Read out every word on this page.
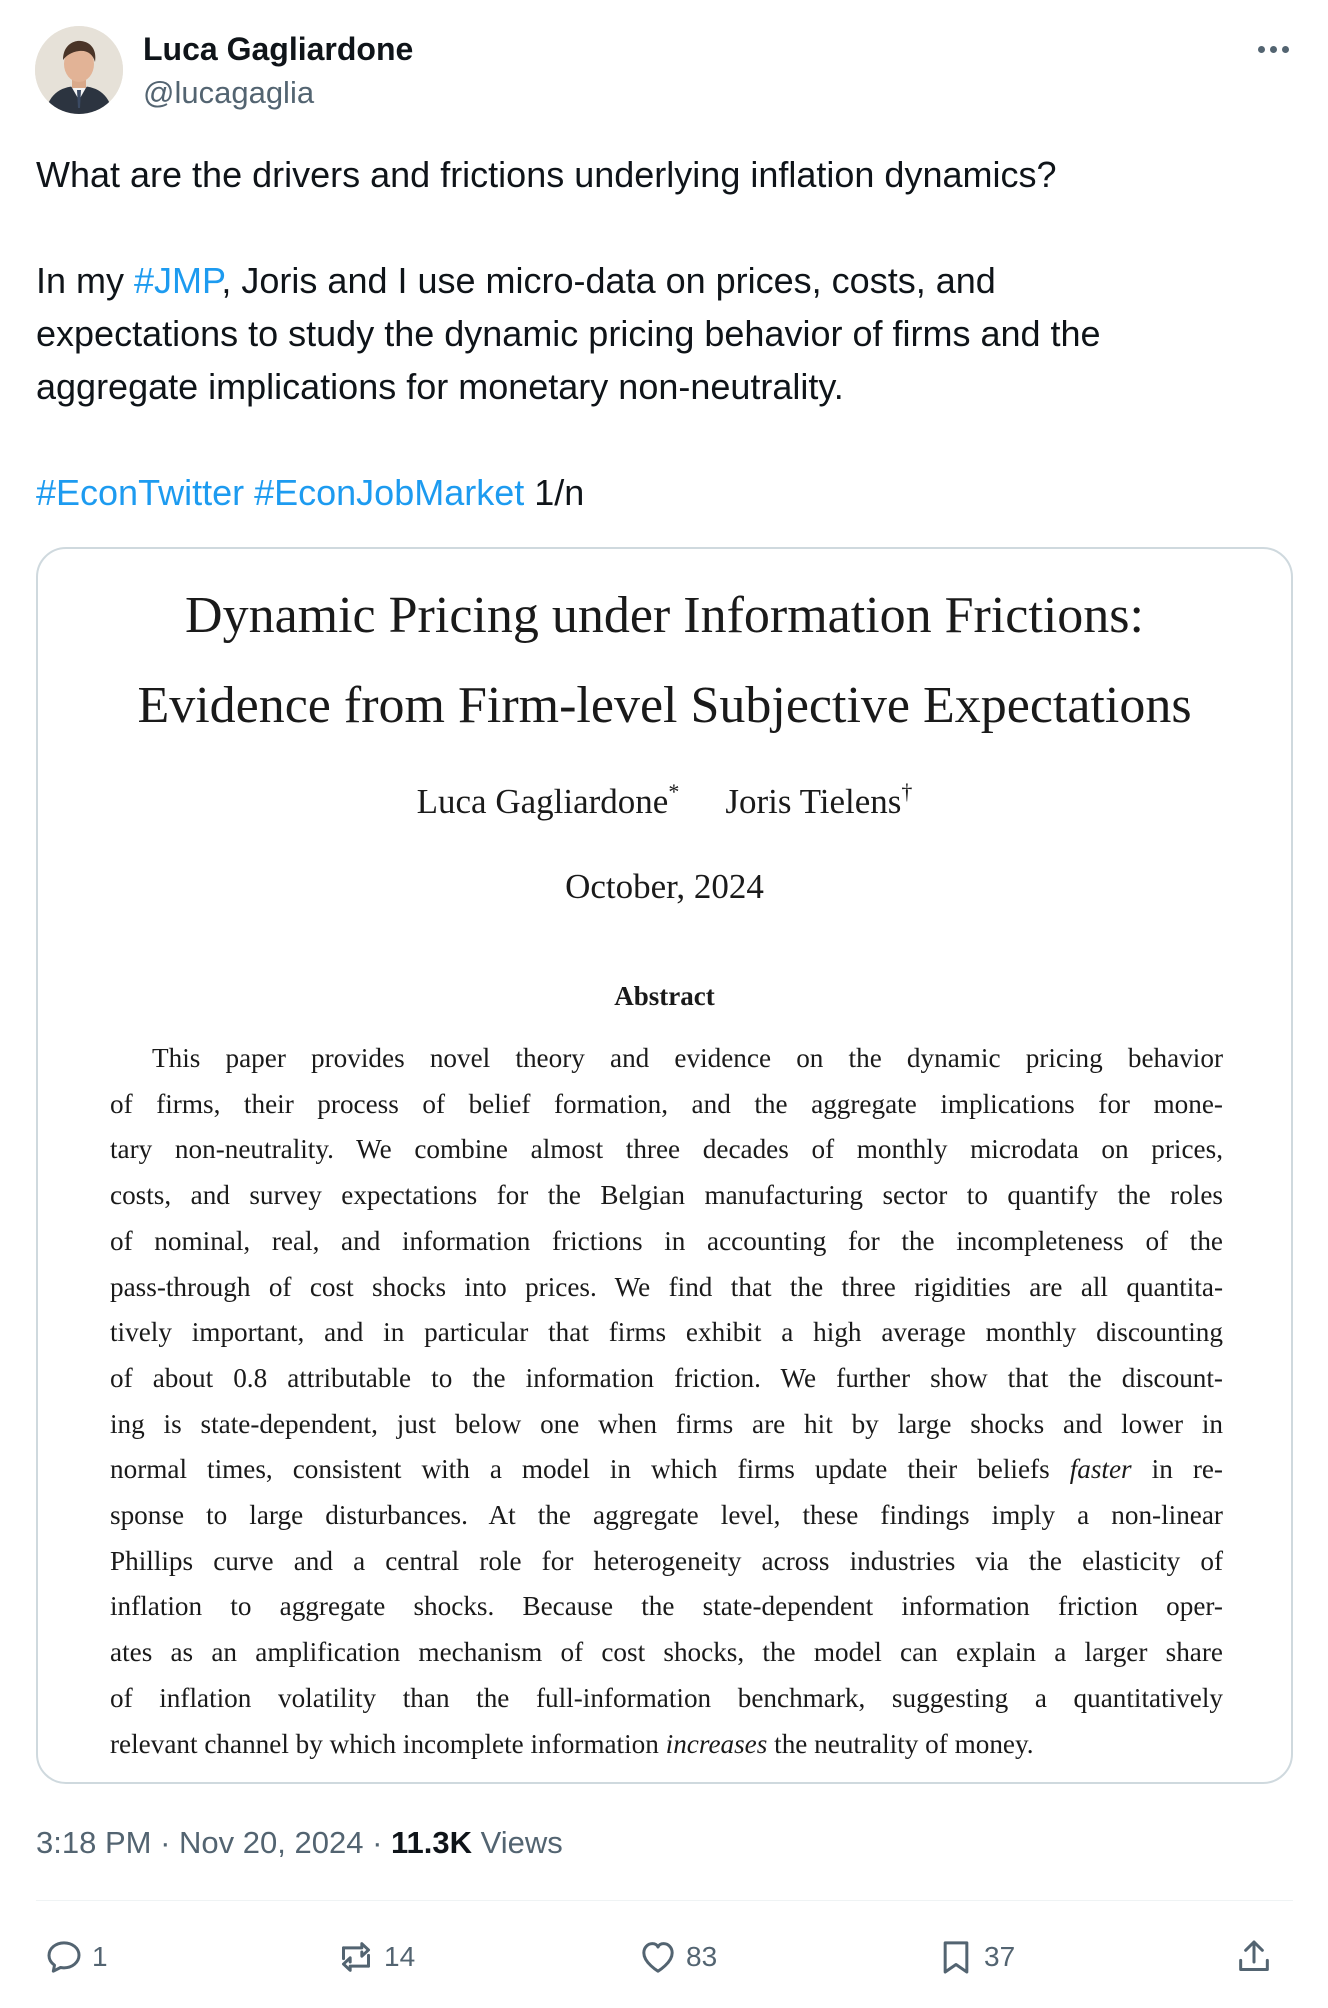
Luca Gagliardone
@lucagaglia

What are the drivers and frictions underlying inflation dynamics?

In my #JMP, Joris and I use micro-data on prices, costs, and

expectations to study the dynamic pricing behavior of firms and the

aggregate implications for monetary non-neutrality.

#EconTwitter #EconJobMarket 1/n

Dynamic Pricing under Information Frictions:
Evidence from Firm-level Subjective Expectations
Luca Gagliardone* Joris Tielens†
October, 2024
Abstract
This paper provides novel theory and evidence on the dynamic pricing behavior
of firms, their process of belief formation, and the aggregate implications for mone-
tary non-neutrality. We combine almost three decades of monthly microdata on prices,
costs, and survey expectations for the Belgian manufacturing sector to quantify the roles
of nominal, real, and information frictions in accounting for the incompleteness of the
pass-through of cost shocks into prices. We find that the three rigidities are all quantita-
tively important, and in particular that firms exhibit a high average monthly discounting
of about 0.8 attributable to the information friction. We further show that the discount-
ing is state-dependent, just below one when firms are hit by large shocks and lower in
normal times, consistent with a model in which firms update their beliefs faster in re-
sponse to large disturbances. At the aggregate level, these findings imply a non-linear
Phillips curve and a central role for heterogeneity across industries via the elasticity of
inflation to aggregate shocks. Because the state-dependent information friction oper-
ates as an amplification mechanism of cost shocks, the model can explain a larger share
of inflation volatility than the full-information benchmark, suggesting a quantitatively
relevant channel by which incomplete information increases the neutrality of money.
3:18 PM · Nov 20, 2024 · 11.3K Views
1	14	83	37
